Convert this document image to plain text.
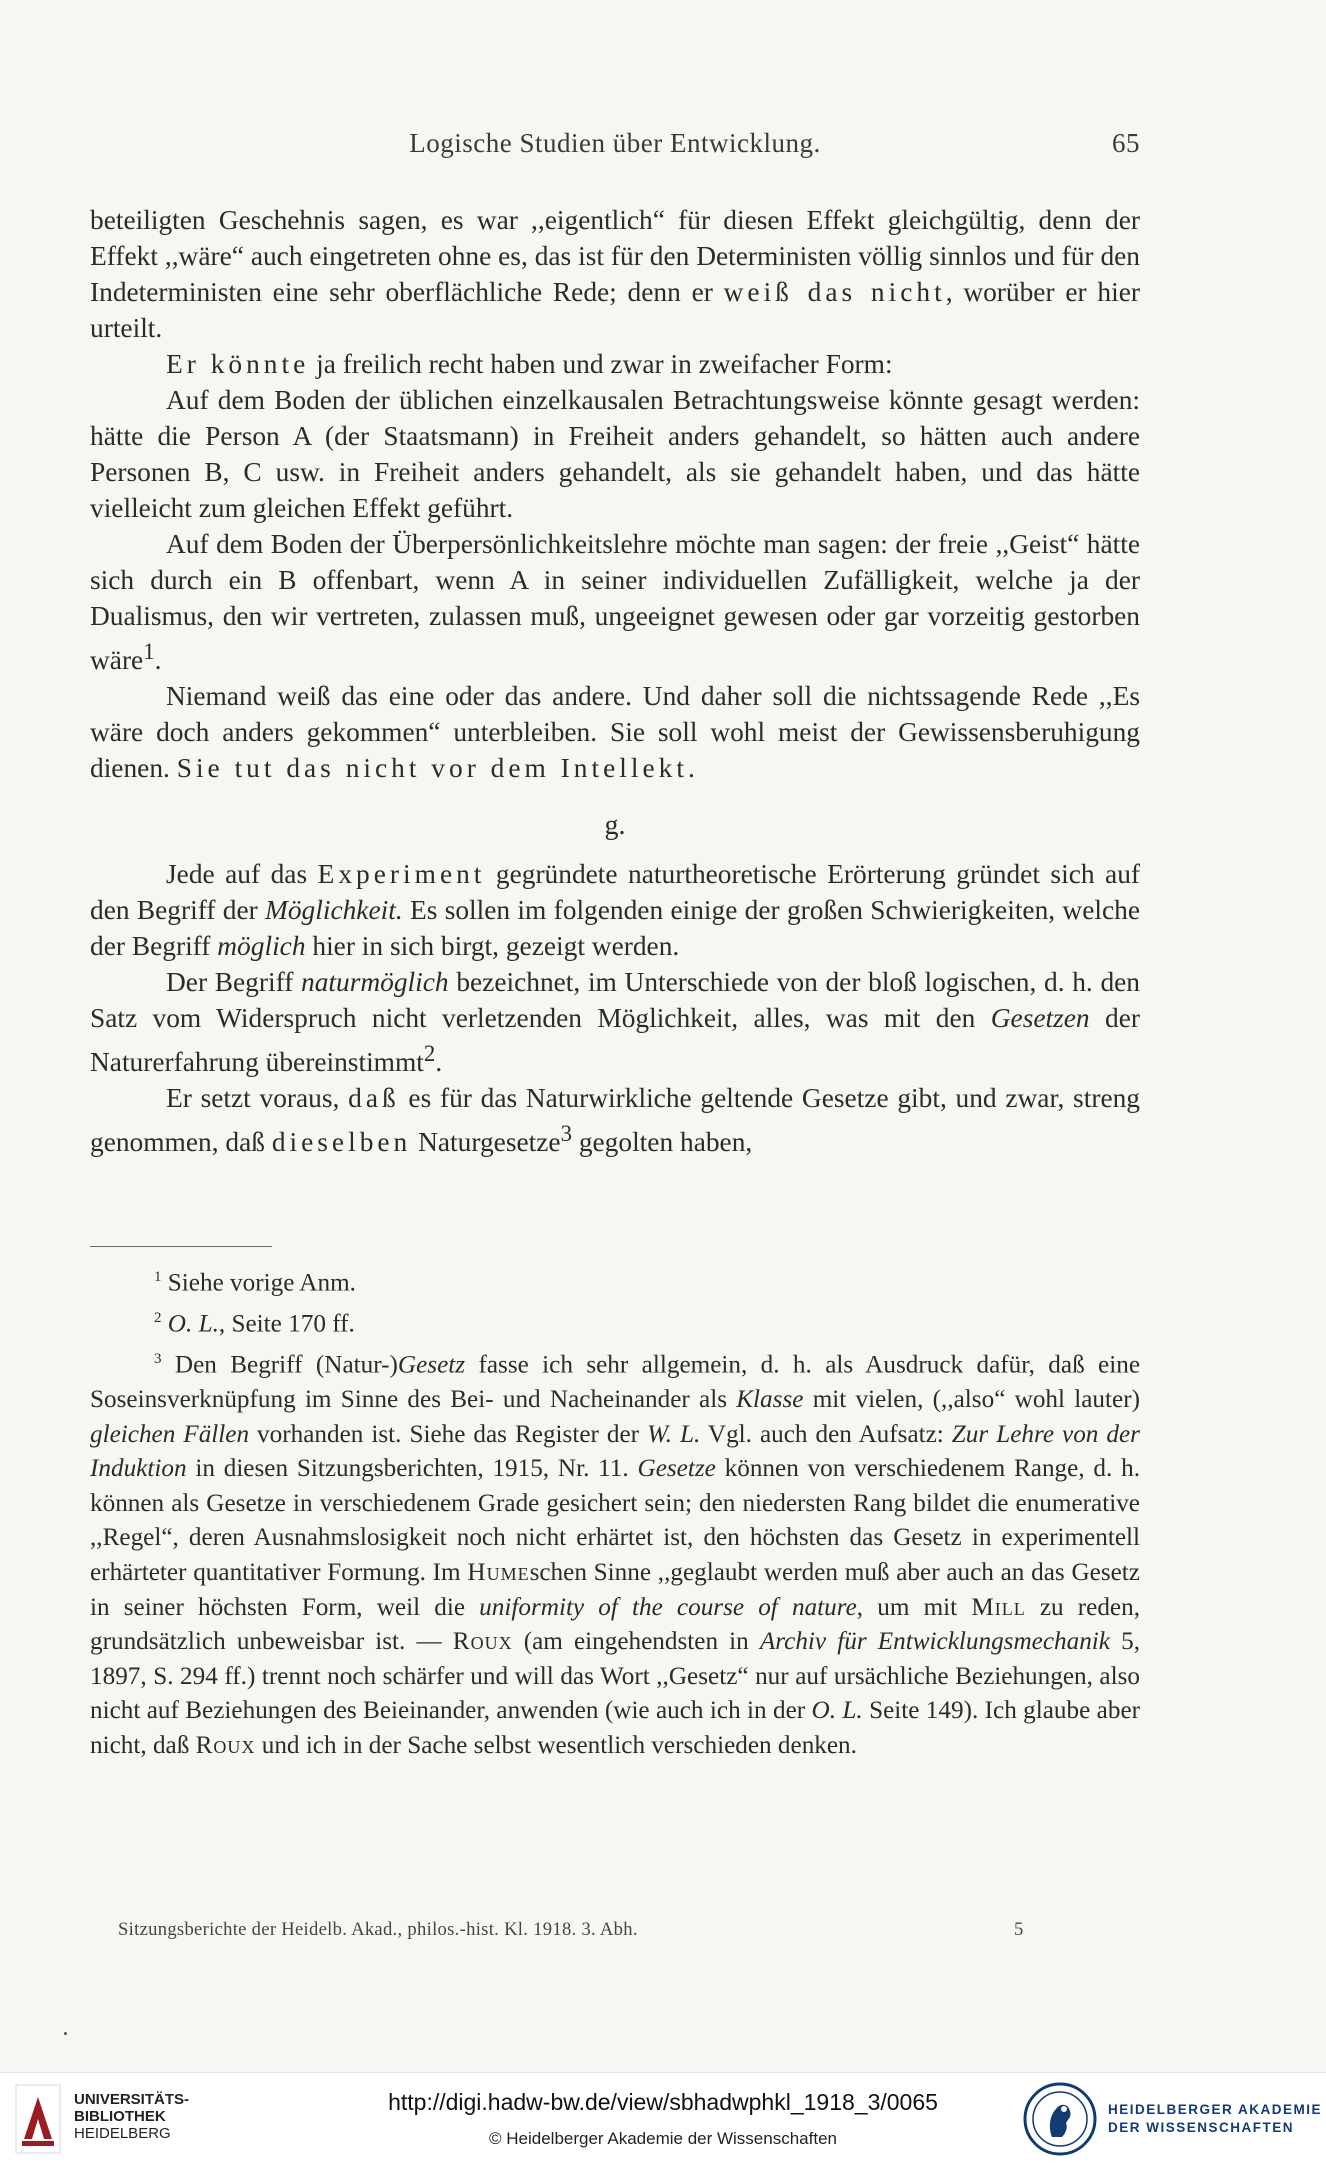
Logische Studien über Entwicklung.	65

beteiligten Geschehnis sagen, es war ,,eigentlich“ für diesen Effekt gleichgültig, denn der Effekt ,,wäre“ auch eingetreten ohne es, das ist für den Deterministen völlig sinnlos und für den Indeterministen eine sehr oberflächliche Rede; denn er weiß das nicht, worüber er hier urteilt.

Er könnte ja freilich recht haben und zwar in zweifacher Form:

Auf dem Boden der üblichen einzelkausalen Betrachtungsweise könnte gesagt werden: hätte die Person A (der Staatsmann) in Freiheit anders gehandelt, so hätten auch andere Personen B, C usw. in Freiheit anders gehandelt, als sie gehandelt haben, und das hätte vielleicht zum gleichen Effekt geführt.

Auf dem Boden der Überpersönlichkeitslehre möchte man sagen: der freie ,,Geist“ hätte sich durch ein B offenbart, wenn A in seiner individuellen Zufälligkeit, welche ja der Dualismus, den wir vertreten, zulassen muß, ungeeignet gewesen oder gar vorzeitig gestorben wäre$^1$.

Niemand weiß das eine oder das andere. Und daher soll die nichtssagende Rede ,,Es wäre doch anders gekommen“ unterbleiben. Sie soll wohl meist der Gewissensberuhigung dienen. Sie tut das nicht vor dem Intellekt.

g.

Jede auf das Experiment gegründete naturtheoretische Erörterung gründet sich auf den Begriff der Möglichkeit. Es sollen im folgenden einige der großen Schwierigkeiten, welche der Begriff möglich hier in sich birgt, gezeigt werden.

Der Begriff naturmöglich bezeichnet, im Unterschiede von der bloß logischen, d. h. den Satz vom Widerspruch nicht verletzenden Möglichkeit, alles, was mit den Gesetzen der Naturerfahrung übereinstimmt$^2$.

Er setzt voraus, daß es für das Naturwirkliche geltende Gesetze gibt, und zwar, streng genommen, daß dieselben Naturgesetze$^3$ gegolten haben,

$^1$ Siehe vorige Anm.

$^2$ O. L., Seite 170 ff.

$^3$ Den Begriff (Natur-)Gesetz fasse ich sehr allgemein, d. h. als Ausdruck dafür, daß eine Soseinsverknüpfung im Sinne des Bei- und Nacheinander als Klasse mit vielen, (,,also“ wohl lauter) gleichen Fällen vorhanden ist. Siehe das Register der W. L. Vgl. auch den Aufsatz: Zur Lehre von der Induktion in diesen Sitzungsberichten, 1915, Nr. 11. Gesetze können von verschiedenem Range, d. h. können als Gesetze in verschiedenem Grade gesichert sein; den niedersten Rang bildet die enumerative ,,Regel“, deren Ausnahmslosigkeit noch nicht erhärtet ist, den höchsten das Gesetz in experimentell erhärteter quantitativer Formung. Im Humeschen Sinne ,,geglaubt werden muß aber auch an das Gesetz in seiner höchsten Form, weil die uniformity of the course of nature, um mit Mill zu reden, grundsätzlich unbeweisbar ist. — Roux (am eingehendsten in Archiv für Entwicklungsmechanik 5, 1897, S. 294 ff.) trennt noch schärfer und will das Wort ,,Gesetz“ nur auf ursächliche Beziehungen, also nicht auf Beziehungen des Beieinander, anwenden (wie auch ich in der O. L. Seite 149). Ich glaube aber nicht, daß Roux und ich in der Sache selbst wesentlich verschieden denken.

Sitzungsberichte der Heidelb. Akad., philos.-hist. Kl. 1918. 3. Abh.	5
UNIVERSITÄTS-
BIBLIOTHEK
HEIDELBERG
http://digi.hadw-bw.de/view/sbhadwphkl_1918_3/0065
© Heidelberger Akademie der Wissenschaften
HEIDELBERGER AKADEMIE
DER WISSENSCHAFTEN
